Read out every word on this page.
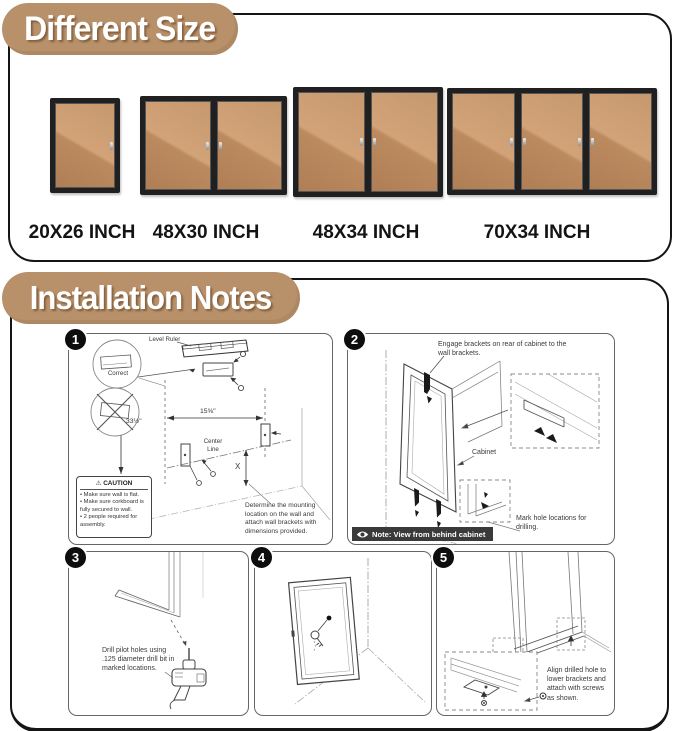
Different Size
20X26 INCH 48X30 INCH	48X34 INCH	70X34 INCH
Installation Notes
1	Level Ruler
Correct
15⅝"
33½"
Center Line
X
⚠ CAUTION
• Make sure wall is flat.
• Make sure corkboard is fully secured to wall.
• 2 people required for assembly.
Determine the mounting location on the wall and attach wall brackets with dimensions provided.
2	Engage brackets on rear of cabinet to the wall brackets.
Cabinet
Mark hole locations for drilling.
Note: View from behind cabinet
3
Drill pilot holes using .125 diameter drill bit in marked locations.
4	5
Align drilled hole to lower brackets and attach with screws as shown.
